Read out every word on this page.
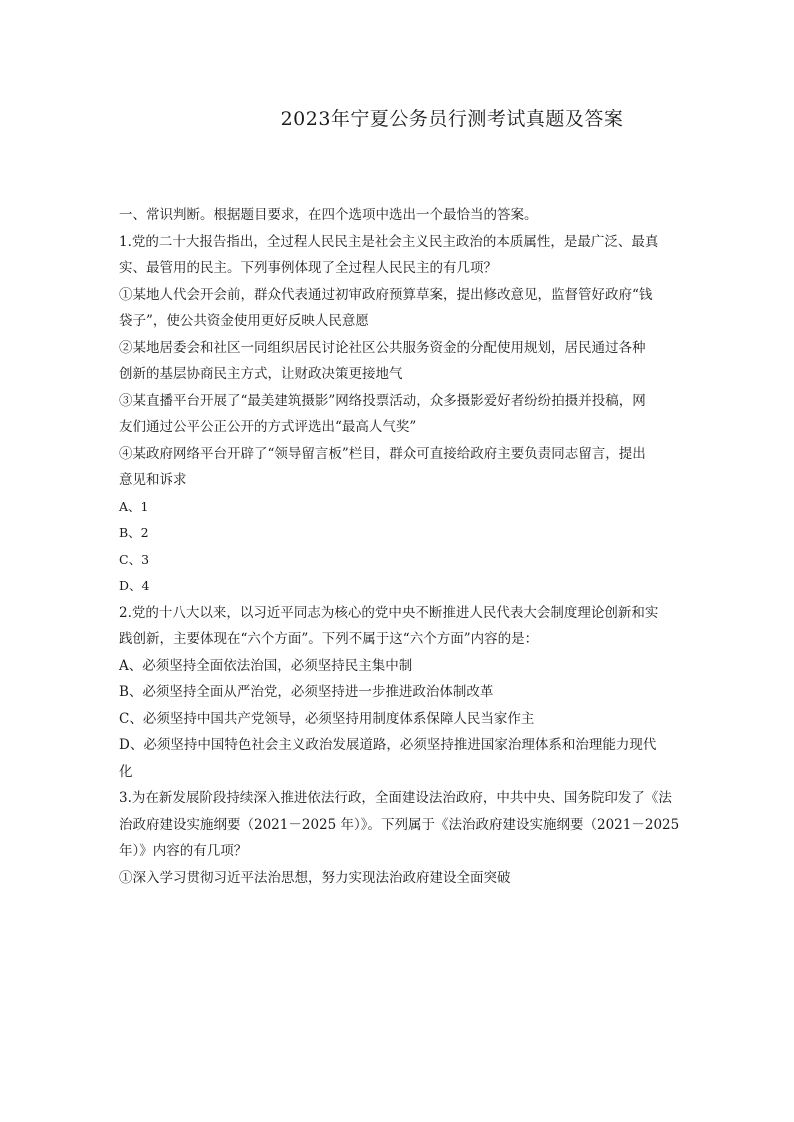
2023年宁夏公务员行测考试真题及答案
一、常识判断。根据题目要求，在四个选项中选出一个最恰当的答案。
1.党的二十大报告指出，全过程人民民主是社会主义民主政治的本质属性，是最广泛、最真
实、最管用的民主。下列事例体现了全过程人民民主的有几项？
①某地人代会开会前，群众代表通过初审政府预算草案，提出修改意见，监督管好政府“钱
袋子”，使公共资金使用更好反映人民意愿
②某地居委会和社区一同组织居民讨论社区公共服务资金的分配使用规划，居民通过各种
创新的基层协商民主方式，让财政决策更接地气
③某直播平台开展了“最美建筑摄影”网络投票活动，众多摄影爱好者纷纷拍摄并投稿，网
友们通过公平公正公开的方式评选出“最高人气奖”
④某政府网络平台开辟了“领导留言板”栏目，群众可直接给政府主要负责同志留言，提出
意见和诉求
A、1
B、2
C、3
D、4
2.党的十八大以来，以习近平同志为核心的党中央不断推进人民代表大会制度理论创新和实
践创新，主要体现在“六个方面”。下列不属于这“六个方面”内容的是：
A、必须坚持全面依法治国，必须坚持民主集中制
B、必须坚持全面从严治党，必须坚持进一步推进政治体制改革
C、必须坚持中国共产党领导，必须坚持用制度体系保障人民当家作主
D、必须坚持中国特色社会主义政治发展道路，必须坚持推进国家治理体系和治理能力现代
化
3.为在新发展阶段持续深入推进依法行政，全面建设法治政府，中共中央、国务院印发了《法
治政府建设实施纲要（2021－2025 年）》。下列属于《法治政府建设实施纲要（2021－2025
年）》内容的有几项？
①深入学习贯彻习近平法治思想，努力实现法治政府建设全面突破
